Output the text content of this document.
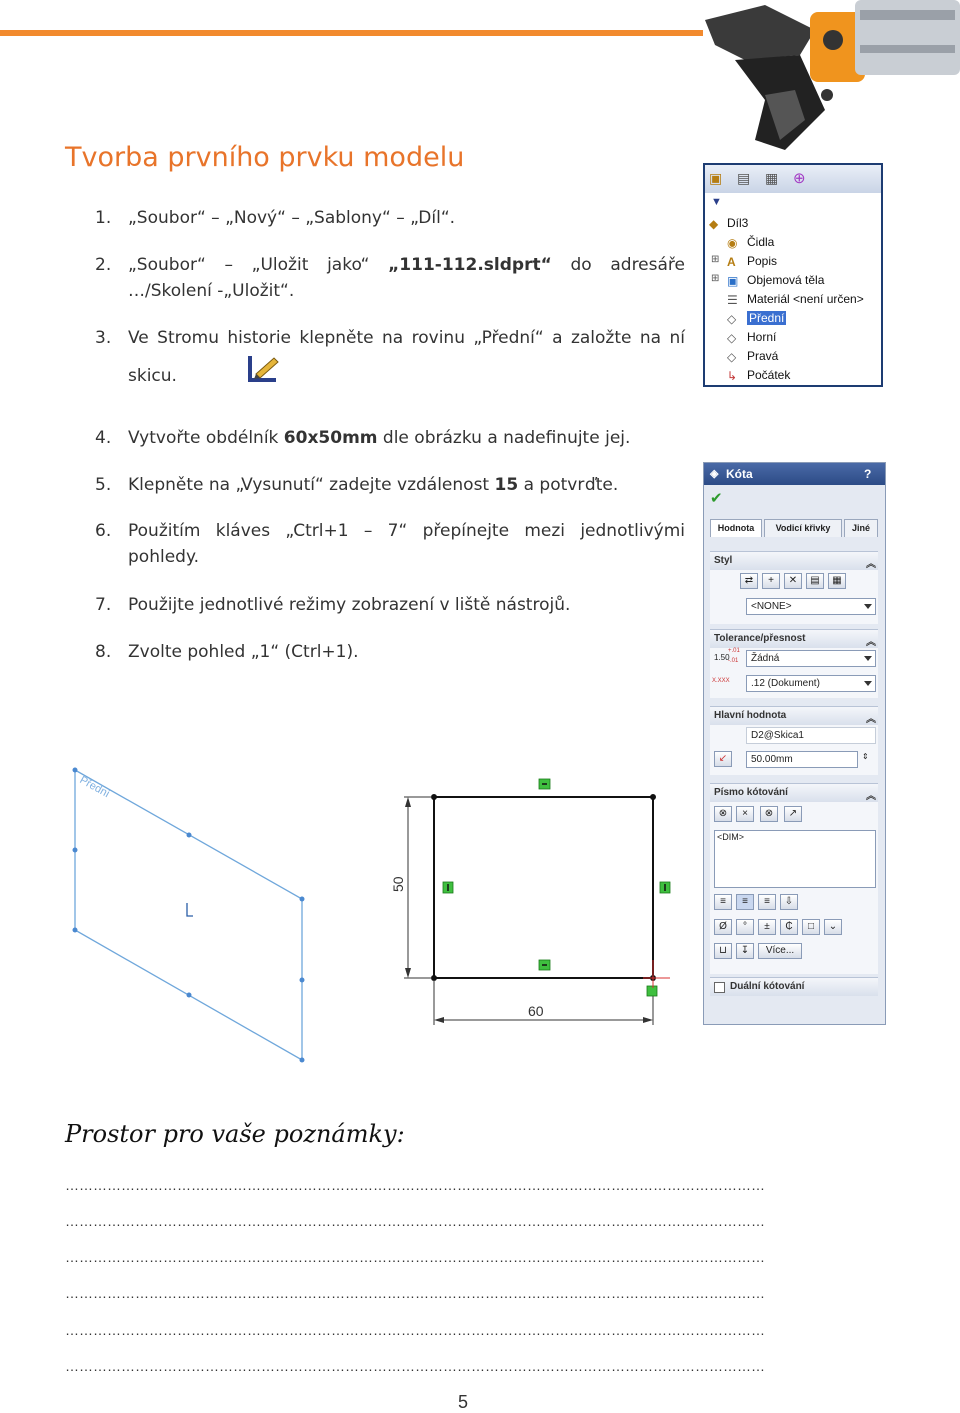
Tvorba prvního prvku modelu
1. „Soubor“ – „Nový“ – „Sablony“ – „Díl“.
2. „Soubor“ – „Uložit jako“ „111-112.sldprt“ do adresáře
…/Skolení -„Uložit“.
3. Ve Stromu historie klepněte na rovinu „Přední“ a založte na ní
skicu.
4. Vytvořte obdélník 60x50mm dle obrázku a nadefinujte jej.
5. Klepněte na „Vysunutí“ zadejte vzdálenost 15 a potvrďte.
6. Použitím kláves „Ctrl+1 – 7“ přepínejte mezi jednotlivými
pohledy.
7. Použijte jednotlivé režimy zobrazení v liště nástrojů.
8. Zvolte pohled „1“ (Ctrl+1).
▣ ▤ ▦ ⊕
▼
◆ Díl3
◉ Čidla
⊞ A Popis
⊞ ▣ Objemová těla
☰ Materiál <není určen>
◇	Přední
◇ Horní
◇ Pravá
↳ Počátek
◈ Kóta	?
✔
Hodnota	Vodicí křivky	Jiné
Styl	︽
⇄	+	✕	▤	▦
<NONE>
Tolerance/přesnost	︽
1.50
+.01
-.01 Žádná
X.XXX .12 (Dokument)
Hlavní hodnota	︽
D2@Skica1
↙	50.00mm	⇕
Písmo kótování	︽
⊗	×	⊗	↗
<DIM>
≡	≡	≡	⇩
Ø	°	±	₵	□	⌄
⊔	↧	Více...
Duální kótování
Přední
50
60
Prostor pro vaše poznámky:
……………………………………………………………………………………………………………………………………
……………………………………………………………………………………………………………………………………
……………………………………………………………………………………………………………………………………
……………………………………………………………………………………………………………………………………
……………………………………………………………………………………………………………………………………
……………………………………………………………………………………………………………………………………
5
